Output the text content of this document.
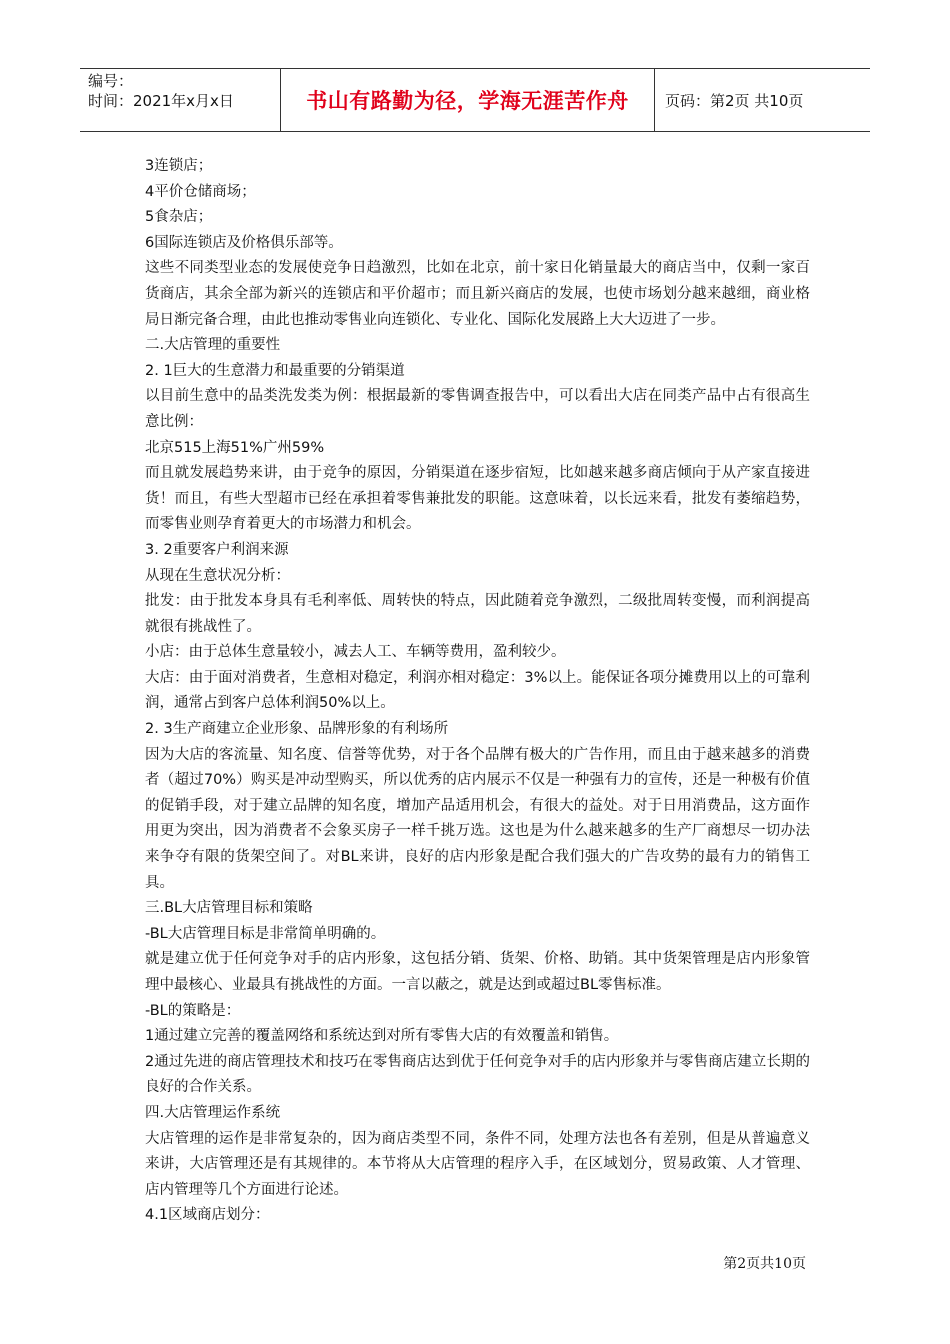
编号：
时间：2021年x月x日	书山有路勤为径，学海无涯苦作舟	页码：第2页 共10页

3连锁店；

4平价仓储商场；

5食杂店；

6国际连锁店及价格俱乐部等。

这些不同类型业态的发展使竞争日趋激烈，比如在北京，前十家日化销量最大的商店当中，仅剩一家百货商店，其余全部为新兴的连锁店和平价超市；而且新兴商店的发展，也使市场划分越来越细，商业格局日渐完备合理，由此也推动零售业向连锁化、专业化、国际化发展路上大大迈进了一步。

二.大店管理的重要性

2. 1巨大的生意潜力和最重要的分销渠道

以目前生意中的品类洗发类为例：根据最新的零售调查报告中，可以看出大店在同类产品中占有很高生意比例：

北京515上海51%广州59%

而且就发展趋势来讲，由于竞争的原因，分销渠道在逐步宿短，比如越来越多商店倾向于从产家直接进货！而且，有些大型超市已经在承担着零售兼批发的职能。这意味着，以长远来看，批发有萎缩趋势，而零售业则孕育着更大的市场潜力和机会。

3. 2重要客户利润来源

从现在生意状况分析：

批发：由于批发本身具有毛利率低、周转快的特点，因此随着竞争激烈，二级批周转变慢，而利润提高就很有挑战性了。

小店：由于总体生意量较小，减去人工、车辆等费用，盈利较少。

大店：由于面对消费者，生意相对稳定，利润亦相对稳定：3%以上。能保证各项分摊费用以上的可靠利润，通常占到客户总体利润50%以上。

2. 3生产商建立企业形象、品牌形象的有利场所

因为大店的客流量、知名度、信誉等优势，对于各个品牌有极大的广告作用，而且由于越来越多的消费者（超过70%）购买是冲动型购买，所以优秀的店内展示不仅是一种强有力的宣传，还是一种极有价值的促销手段，对于建立品牌的知名度，增加产品适用机会，有很大的益处。对于日用消费品，这方面作用更为突出，因为消费者不会象买房子一样千挑万选。这也是为什么越来越多的生产厂商想尽一切办法来争夺有限的货架空间了。对BL来讲，良好的店内形象是配合我们强大的广告攻势的最有力的销售工具。

三.BL大店管理目标和策略

-BL大店管理目标是非常简单明确的。

就是建立优于任何竞争对手的店内形象，这包括分销、货架、价格、助销。其中货架管理是店内形象管理中最核心、业最具有挑战性的方面。一言以蔽之，就是达到或超过BL零售标准。

-BL的策略是：

1通过建立完善的覆盖网络和系统达到对所有零售大店的有效覆盖和销售。

2通过先进的商店管理技术和技巧在零售商店达到优于任何竞争对手的店内形象并与零售商店建立长期的良好的合作关系。

四.大店管理运作系统

大店管理的运作是非常复杂的，因为商店类型不同，条件不同，处理方法也各有差别，但是从普遍意义来讲，大店管理还是有其规律的。本节将从大店管理的程序入手，在区域划分，贸易政策、人才管理、店内管理等几个方面进行论述。

4.1区域商店划分：

第2页共10页
